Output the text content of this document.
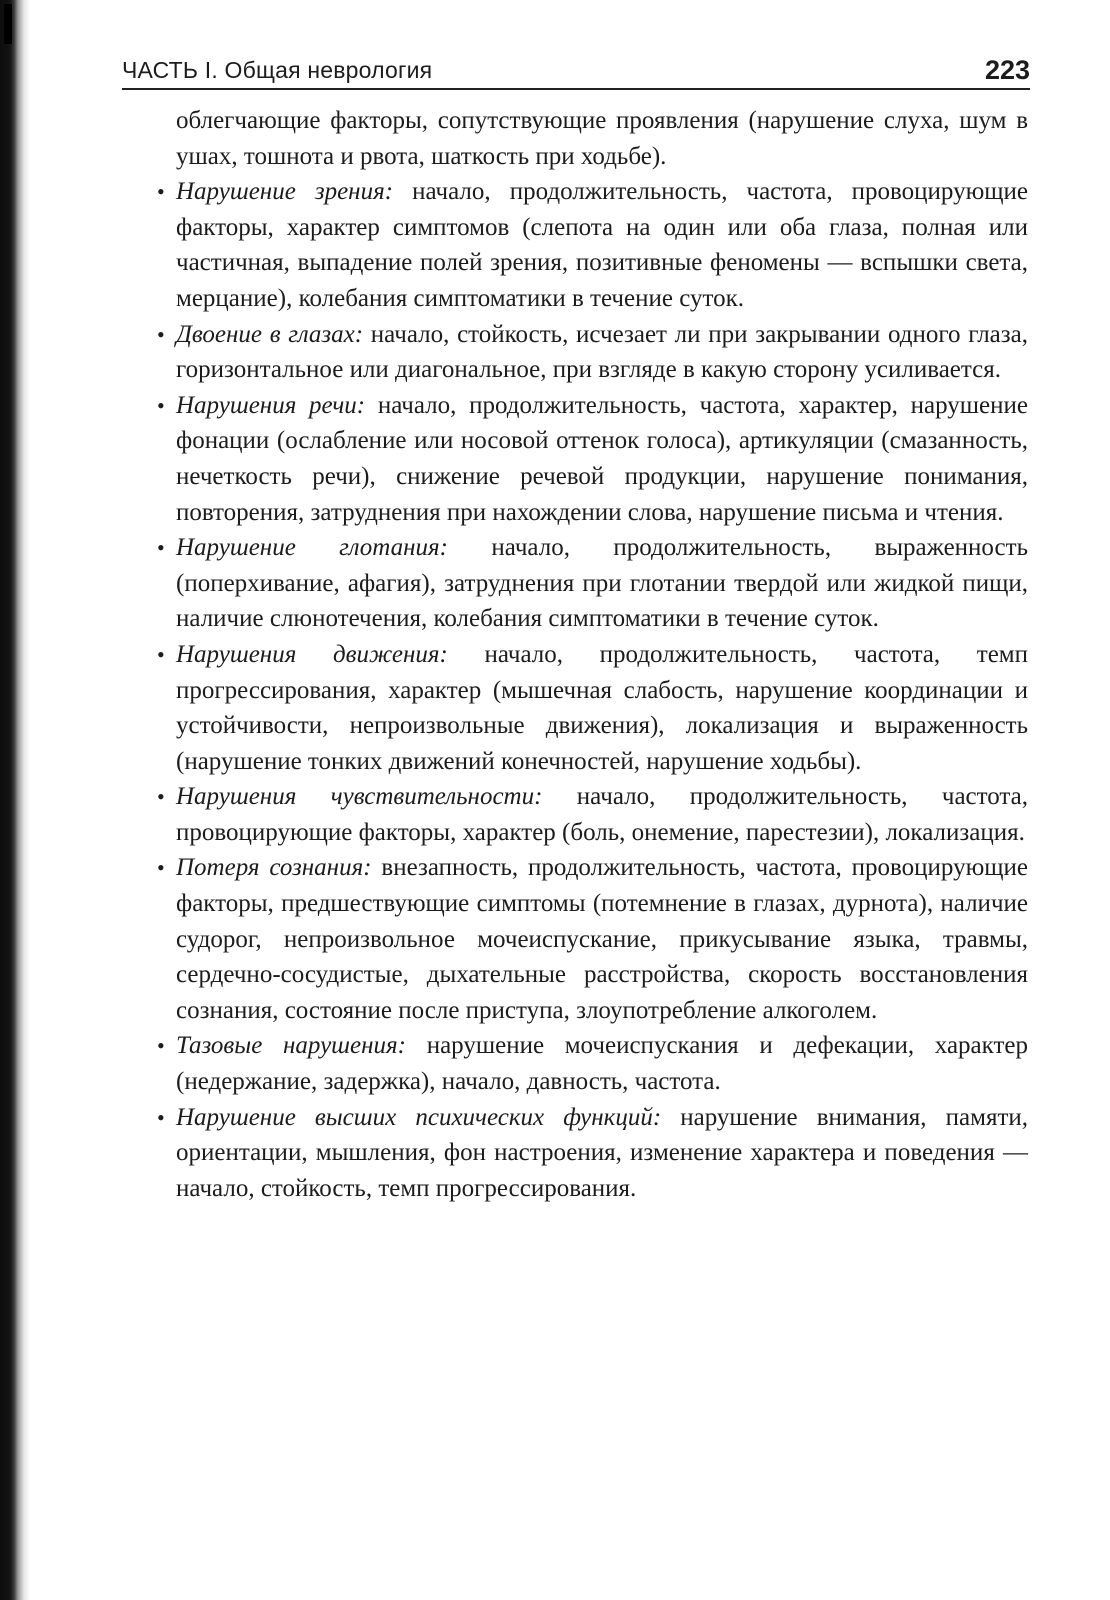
ЧАСТЬ I. Общая неврология	223

облегчающие факторы, сопутствующие проявления (нарушение слуха, шум в ушах, тошнота и рвота, шаткость при ходьбе).

• Нарушение зрения: начало, продолжительность, частота, провоцирующие факторы, характер симптомов (слепота на один или оба глаза, полная или частичная, выпадение полей зрения, позитивные феномены — вспышки света, мерцание), колебания симптоматики в течение суток.
• Двоение в глазах: начало, стойкость, исчезает ли при закрывании одного глаза, горизонтальное или диагональное, при взгляде в какую сторону усиливается.
• Нарушения речи: начало, продолжительность, частота, характер, нарушение фонации (ослабление или носовой оттенок голоса), артикуляции (смазанность, нечеткость речи), снижение речевой продукции, нарушение понимания, повторения, затруднения при нахождении слова, нарушение письма и чтения.
• Нарушение глотания: начало, продолжительность, выраженность (поперхивание, афагия), затруднения при глотании твердой или жидкой пищи, наличие слюнотечения, колебания симптоматики в течение суток.
• Нарушения движения: начало, продолжительность, частота, темп прогрессирования, характер (мышечная слабость, нарушение координации и устойчивости, непроизвольные движения), локализация и выраженность (нарушение тонких движений конечностей, нарушение ходьбы).
• Нарушения чувствительности: начало, продолжительность, частота, провоцирующие факторы, характер (боль, онемение, парестезии), локализация.
• Потеря сознания: внезапность, продолжительность, частота, провоцирующие факторы, предшествующие симптомы (потемнение в глазах, дурнота), наличие судорог, непроизвольное мочеиспускание, прикусывание языка, травмы, сердечно-сосудистые, дыхательные расстройства, скорость восстановления сознания, состояние после приступа, злоупотребление алкоголем.
• Тазовые нарушения: нарушение мочеиспускания и дефекации, характер (недержание, задержка), начало, давность, частота.
• Нарушение высших психических функций: нарушение внимания, памяти, ориентации, мышления, фон настроения, изменение характера и поведения — начало, стойкость, темп прогрессирования.
